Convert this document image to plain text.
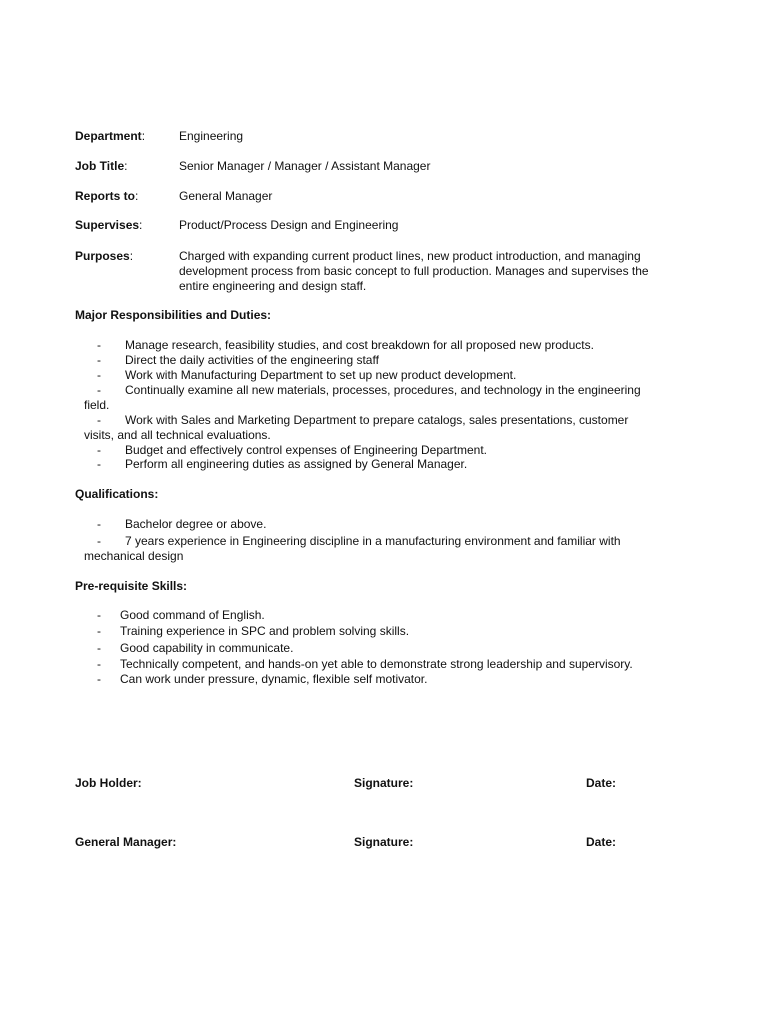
Department:	Engineering
Job Title:	Senior Manager / Manager / Assistant Manager
Reports to:	General Manager
Supervises:	Product/Process Design and Engineering
Purposes:	Charged with expanding current product lines, new product introduction, and managing
development process from basic concept to full production. Manages and supervises the
entire engineering and design staff.
Major Responsibilities and Duties:
- Manage research, feasibility studies, and cost breakdown for all proposed new products.
- Direct the daily activities of the engineering staff
- Work with Manufacturing Department to set up new product development.
- Continually examine all new materials, processes, procedures, and technology in the engineering
field.
- Work with Sales and Marketing Department to prepare catalogs, sales presentations, customer
visits, and all technical evaluations.
- Budget and effectively control expenses of Engineering Department.
- Perform all engineering duties as assigned by General Manager.
Qualifications:
- Bachelor degree or above.
- 7 years experience in Engineering discipline in a manufacturing environment and familiar with
mechanical design
Pre-requisite Skills:
- Good command of English.
- Training experience in SPC and problem solving skills.
- Good capability in communicate.
- Technically competent, and hands-on yet able to demonstrate strong leadership and supervisory.
- Can work under pressure, dynamic, flexible self motivator.
Job Holder:	Signature:	Date:
General Manager:	Signature:	Date:
